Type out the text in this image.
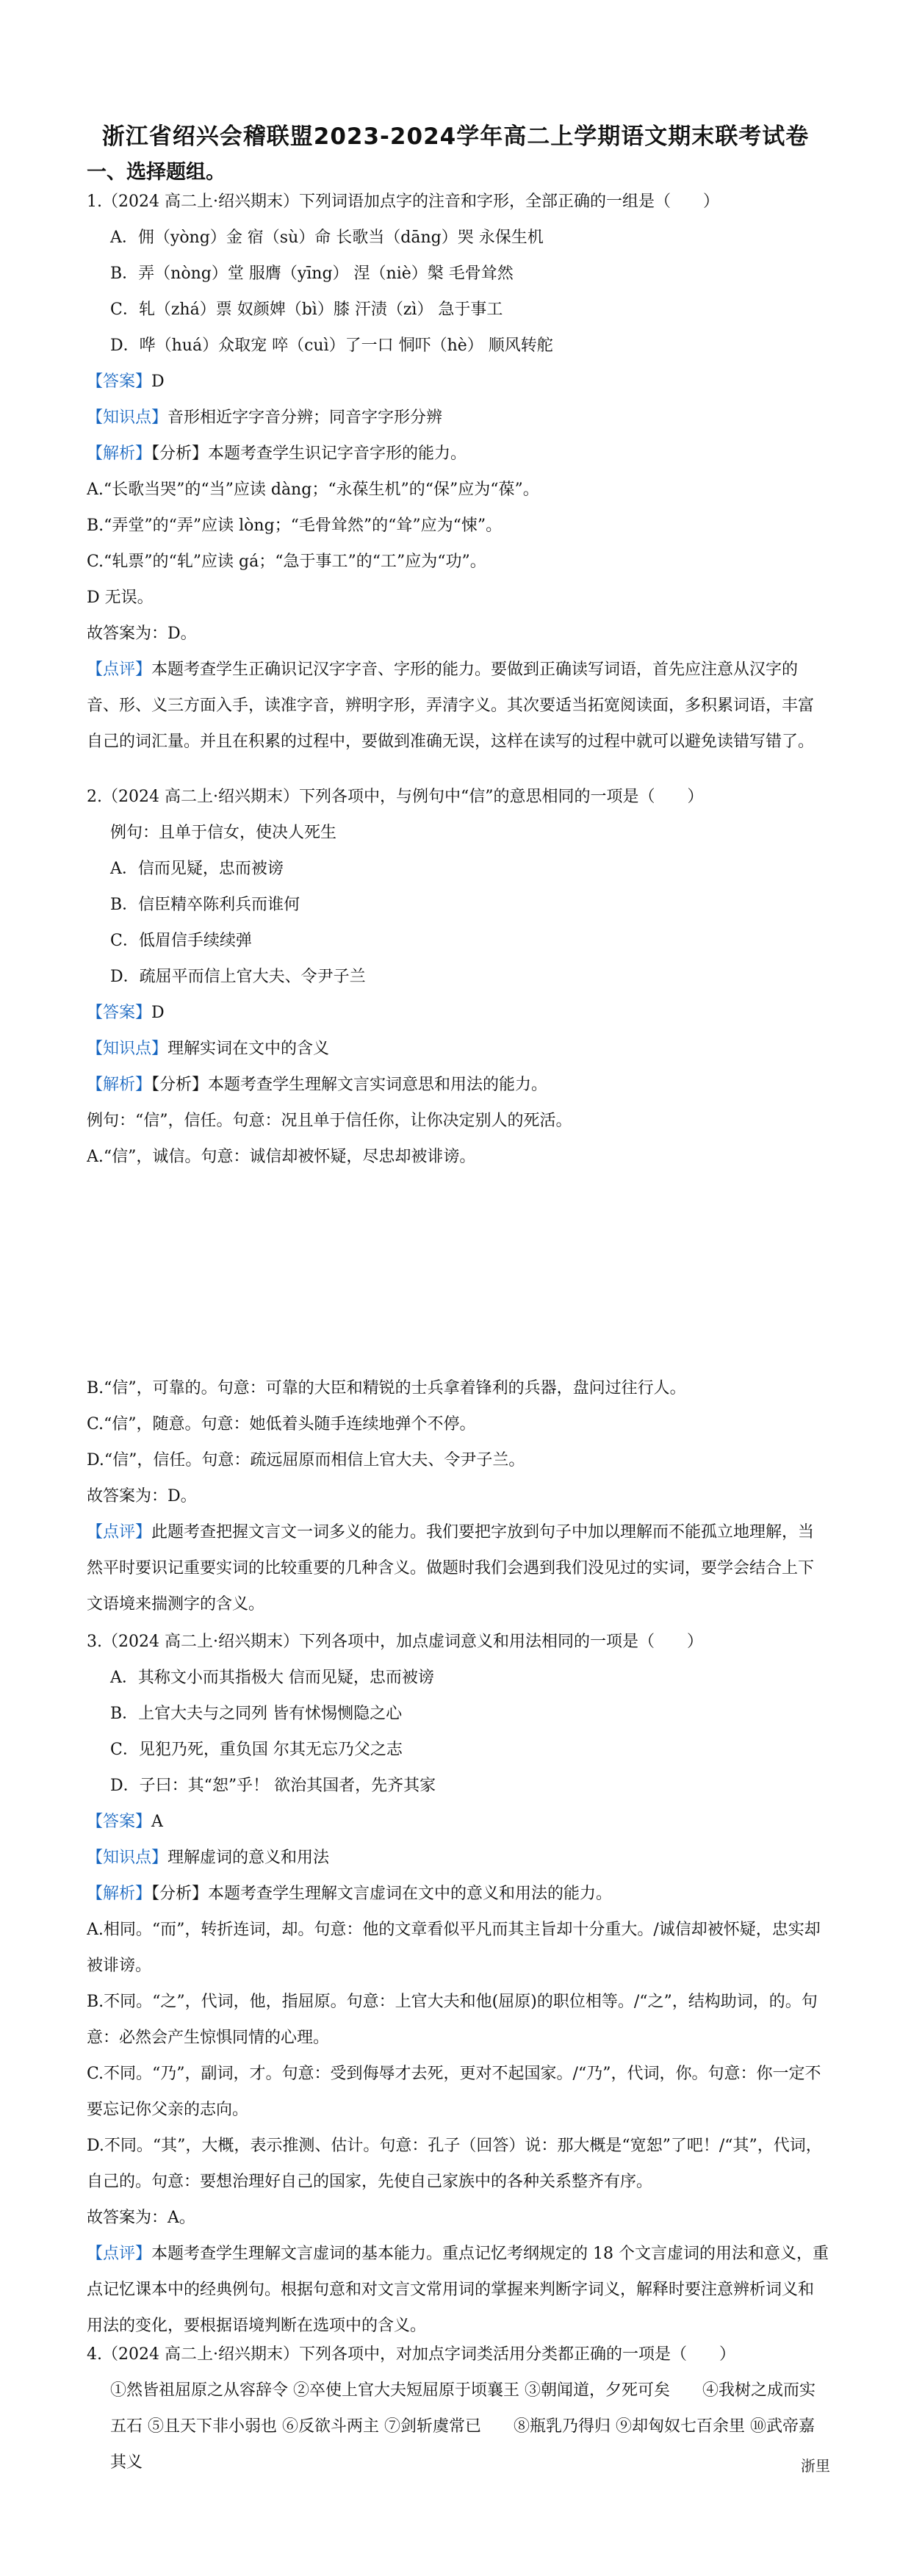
浙江省绍兴会稽联盟2023-2024学年高二上学期语文期末联考试卷
一、选择题组。
1.（2024 高二上·绍兴期末）下列词语加点字的注音和字形，全部正确的一组是（　　）
A．佣（yòng）金 宿（sù）命 长歌当（dāng）哭 永保生机
B．弄（nòng）堂 服膺（yīng） 涅（niè）槃 毛骨耸然
C．轧（zhá）票 奴颜婢（bì）膝 汗渍（zì） 急于事工
D．哗（huá）众取宠 啐（cuì）了一口 恫吓（hè） 顺风转舵
【答案】D
【知识点】音形相近字字音分辨；同音字字形分辨
【解析】【分析】本题考查学生识记字音字形的能力。
A.“长歌当哭”的“当”应读 dàng；“永葆生机”的“保”应为“葆”。
B.“弄堂”的“弄”应读 lòng；“毛骨耸然”的“耸”应为“悚”。
C.“轧票”的“轧”应读 gá；“急于事工”的“工”应为“功”。
D 无误。
故答案为：D。
【点评】本题考查学生正确识记汉字字音、字形的能力。要做到正确读写词语，首先应注意从汉字的音、形、义三方面入手，读准字音，辨明字形，弄清字义。其次要适当拓宽阅读面，多积累词语，丰富自己的词汇量。并且在积累的过程中，要做到准确无误，这样在读写的过程中就可以避免读错写错了。
2.（2024 高二上·绍兴期末）下列各项中，与例句中“信”的意思相同的一项是（　　）
例句：且单于信女，使决人死生
A．信而见疑，忠而被谤
B．信臣精卒陈利兵而谁何
C．低眉信手续续弹
D．疏屈平而信上官大夫、令尹子兰
【答案】D
【知识点】理解实词在文中的含义
【解析】【分析】本题考查学生理解文言实词意思和用法的能力。
例句：“信”，信任。句意：况且单于信任你，让你决定别人的死活。
A.“信”，诚信。句意：诚信却被怀疑，尽忠却被诽谤。
B.“信”，可靠的。句意：可靠的大臣和精锐的士兵拿着锋利的兵器，盘问过往行人。
C.“信”，随意。句意：她低着头随手连续地弹个不停。
D.“信”，信任。句意：疏远屈原而相信上官大夫、令尹子兰。
故答案为：D。
【点评】此题考查把握文言文一词多义的能力。我们要把字放到句子中加以理解而不能孤立地理解，当然平时要识记重要实词的比较重要的几种含义。做题时我们会遇到我们没见过的实词，要学会结合上下文语境来揣测字的含义。
3.（2024 高二上·绍兴期末）下列各项中，加点虚词意义和用法相同的一项是（　　）
A．其称文小而其指极大 信而见疑，忠而被谤
B．上官大夫与之同列 皆有怵惕恻隐之心
C．见犯乃死，重负国 尔其无忘乃父之志
D．子曰：其“恕”乎！ 欲治其国者，先齐其家
【答案】A
【知识点】理解虚词的意义和用法
【解析】【分析】本题考查学生理解文言虚词在文中的意义和用法的能力。
A.相同。“而”，转折连词，却。句意：他的文章看似平凡而其主旨却十分重大。/诚信却被怀疑，忠实却被诽谤。
B.不同。“之”，代词，他，指屈原。句意：上官大夫和他(屈原)的职位相等。/“之”，结构助词，的。句意：必然会产生惊惧同情的心理。
C.不同。“乃”，副词，才。句意：受到侮辱才去死，更对不起国家。/“乃”，代词，你。句意：你一定不要忘记你父亲的志向。
D.不同。“其”，大概，表示推测、估计。句意：孔子（回答）说：那大概是“宽恕”了吧！/“其”，代词，自己的。句意：要想治理好自己的国家，先使自己家族中的各种关系整齐有序。
故答案为：A。
【点评】本题考查学生理解文言虚词的基本能力。重点记忆考纲规定的 18 个文言虚词的用法和意义，重点记忆课本中的经典例句。根据句意和对文言文常用词的掌握来判断字词义，解释时要注意辨析词义和用法的变化，要根据语境判断在选项中的含义。
4.（2024 高二上·绍兴期末）下列各项中，对加点字词类活用分类都正确的一项是（　　）
①然皆祖屈原之从容辞令 ②卒使上官大夫短屈原于顷襄王 ③朝闻道，夕死可矣　　④我树之成而实五石 ⑤且天下非小弱也 ⑥反欲斗两主 ⑦剑斩虞常已　　⑧瓶乳乃得归 ⑨却匈奴七百余里 ⑩武帝嘉其义	浙里
